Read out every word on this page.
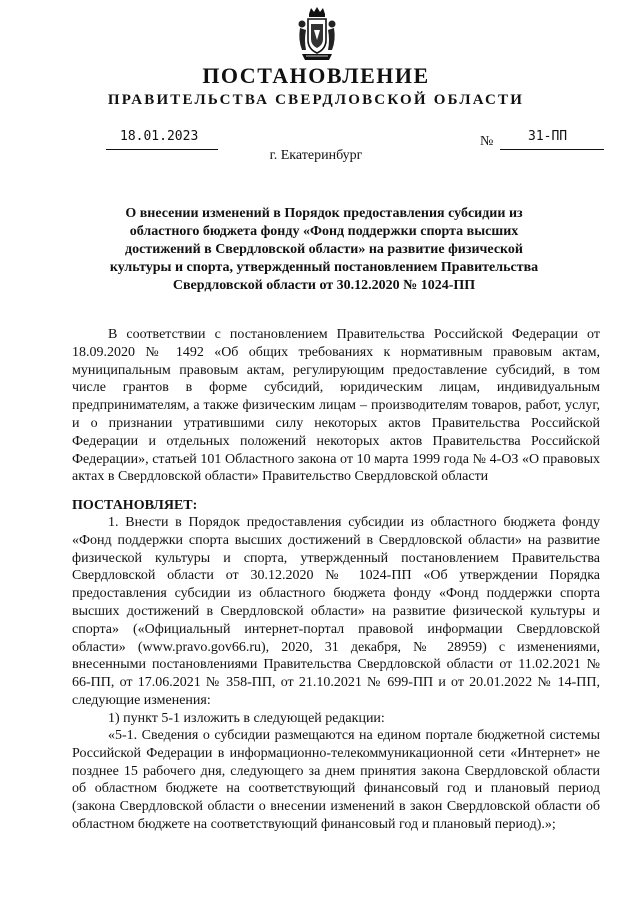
ПОСТАНОВЛЕНИЕ
ПРАВИТЕЛЬСТВА СВЕРДЛОВСКОЙ ОБЛАСТИ
18.01.2023	№	31-ПП
г. Екатеринбург
О внесении изменений в Порядок предоставления субсидии из областного бюджета фонду «Фонд поддержки спорта высших достижений в Свердловской области» на развитие физической культуры и спорта, утвержденный постановлением Правительства Свердловской области от 30.12.2020 № 1024-ПП
В соответствии с постановлением Правительства Российской Федерации от 18.09.2020 № 1492 «Об общих требованиях к нормативным правовым актам, муниципальным правовым актам, регулирующим предоставление субсидий, в том числе грантов в форме субсидий, юридическим лицам, индивидуальным предпринимателям, а также физическим лицам – производителям товаров, работ, услуг, и о признании утратившими силу некоторых актов Правительства Российской Федерации и отдельных положений некоторых актов Правительства Российской Федерации», статьей 101 Областного закона от 10 марта 1999 года № 4-ОЗ «О правовых актах в Свердловской области» Правительство Свердловской области
ПОСТАНОВЛЯЕТ:
1. Внести в Порядок предоставления субсидии из областного бюджета фонду «Фонд поддержки спорта высших достижений в Свердловской области» на развитие физической культуры и спорта, утвержденный постановлением Правительства Свердловской области от 30.12.2020 № 1024-ПП «Об утверждении Порядка предоставления субсидии из областного бюджета фонду «Фонд поддержки спорта высших достижений в Свердловской области» на развитие физической культуры и спорта» («Официальный интернет-портал правовой информации Свердловской области» (www.pravo.gov66.ru), 2020, 31 декабря, № 28959) с изменениями, внесенными постановлениями Правительства Свердловской области от 11.02.2021 № 66-ПП, от 17.06.2021 № 358-ПП, от 21.10.2021 № 699-ПП и от 20.01.2022 № 14-ПП, следующие изменения:
1) пункт 5-1 изложить в следующей редакции:
«5-1. Сведения о субсидии размещаются на едином портале бюджетной системы Российской Федерации в информационно-телекоммуникационной сети «Интернет» не позднее 15 рабочего дня, следующего за днем принятия закона Свердловской области об областном бюджете на соответствующий финансовый год и плановый период (закона Свердловской области о внесении изменений в закон Свердловской области об областном бюджете на соответствующий финансовый год и плановый период).»;
